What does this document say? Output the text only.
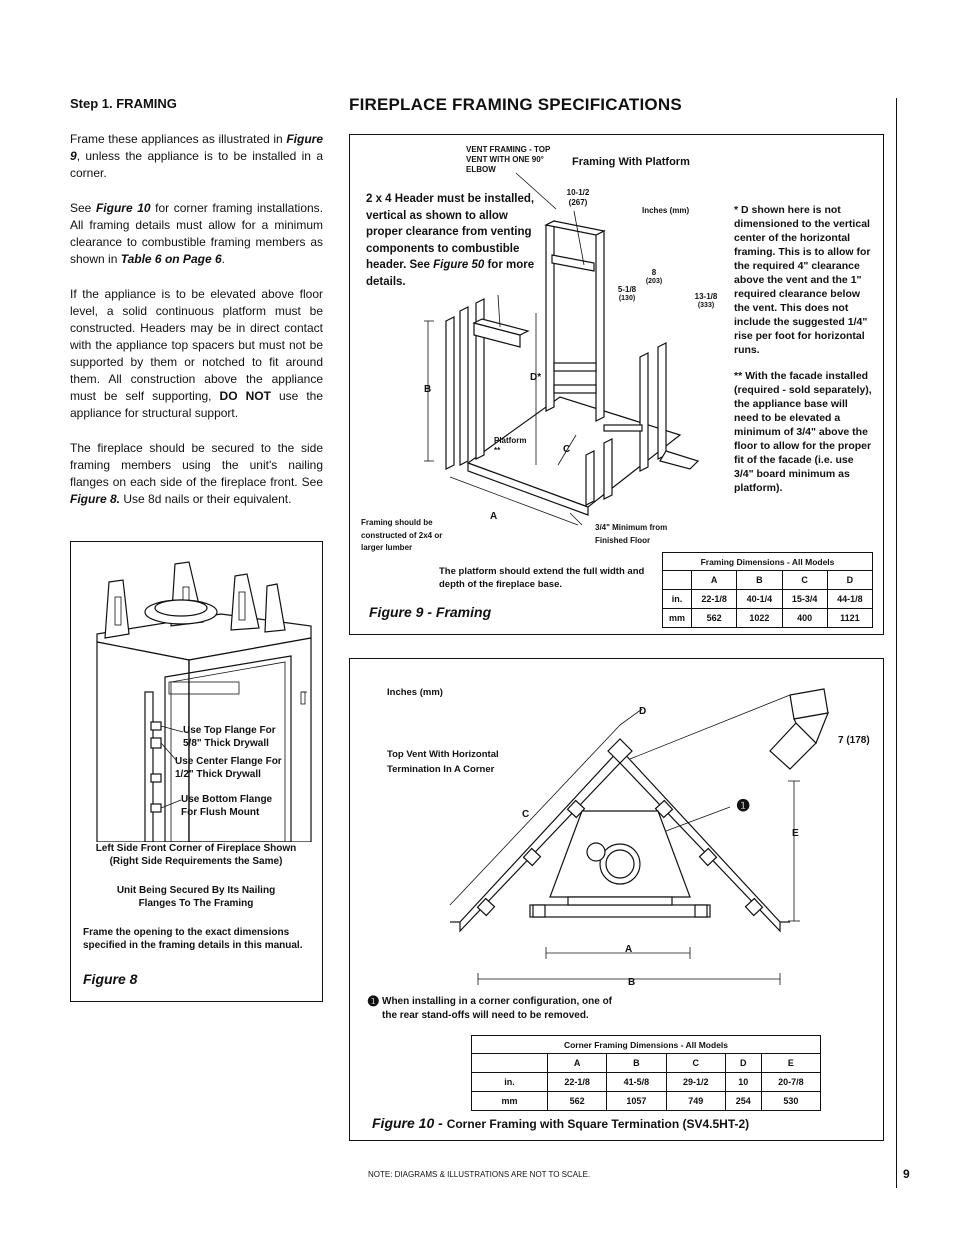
Step 1. FRAMING

Frame these appliances as illustrated in Figure 9, unless the appliance is to be installed in a corner.

See Figure 10 for corner framing installations. All framing details must allow for a minimum clearance to combustible framing members as shown in Table 6 on Page 6.

If the appliance is to be elevated above floor level, a solid continuous platform must be constructed. Headers may be in direct contact with the appliance top spacers but must not be supported by them or notched to fit around them. All construction above the appliance must be self supporting, DO NOT use the appliance for structural support.

The fireplace should be secured to the side framing members using the unit's nailing flanges on each side of the fireplace front. See Figure 8. Use 8d nails or their equivalent.

Use Top Flange For 5/8" Thick Drywall
Use Center Flange For 1/2" Thick Drywall
Use Bottom Flange For Flush Mount
Left Side Front Corner of Fireplace Shown
(Right Side Requirements the Same)
Unit Being Secured By Its Nailing
Flanges To The Framing
Frame the opening to the exact dimensions specified in the framing details in this manual.
Figure 8
FIREPLACE FRAMING SPECIFICATIONS
VENT FRAMING - TOP VENT WITH ONE 90° ELBOW
Framing With Platform
2 x 4 Header must be installed, vertical as shown to allow proper clearance from venting components to combustible header. See Figure 50 for more details.
10-1/2
(267)
Inches (mm)
8
(203)
5-1/8
(130)	13-1/8
(333)
B
D*
C
A
Platform
**
* D shown here is not dimensioned to the vertical center of the horizontal framing. This is to allow for the required 4" clearance above the vent and the 1" required clearance below the vent. This does not include the suggested 1/4" rise per foot for horizontal runs.
** With the facade installed (required - sold separately), the appliance base will need to be elevated a minimum of 3/4" above the floor to allow for the proper fit of the facade (i.e. use 3/4" board minimum as platform).
Framing should be constructed of 2x4 or larger lumber
3/4" Minimum from Finished Floor
The platform should extend the full width and depth of the fireplace base.
Framing Dimensions - All Models				
	A	B	C	D
in.	22-1/8	40-1/4	15-3/4	44-1/8
mm	562	1022	400	1121
Figure 9 - Framing
Inches (mm)
Top Vent With Horizontal Termination In A Corner
D
7 (178)
E
C
A
B
❶
❶ When installing in a corner configuration, one of the rear stand-offs will need to be removed.
Corner Framing Dimensions - All Models					
	A	B	C	D	E
in.	22-1/8	41-5/8	29-1/2	10	20-7/8
mm	562	1057	749	254	530
Figure 10 - Corner Framing with Square Termination (SV4.5HT-2)
NOTE: DIAGRAMS & ILLUSTRATIONS ARE NOT TO SCALE.	9
